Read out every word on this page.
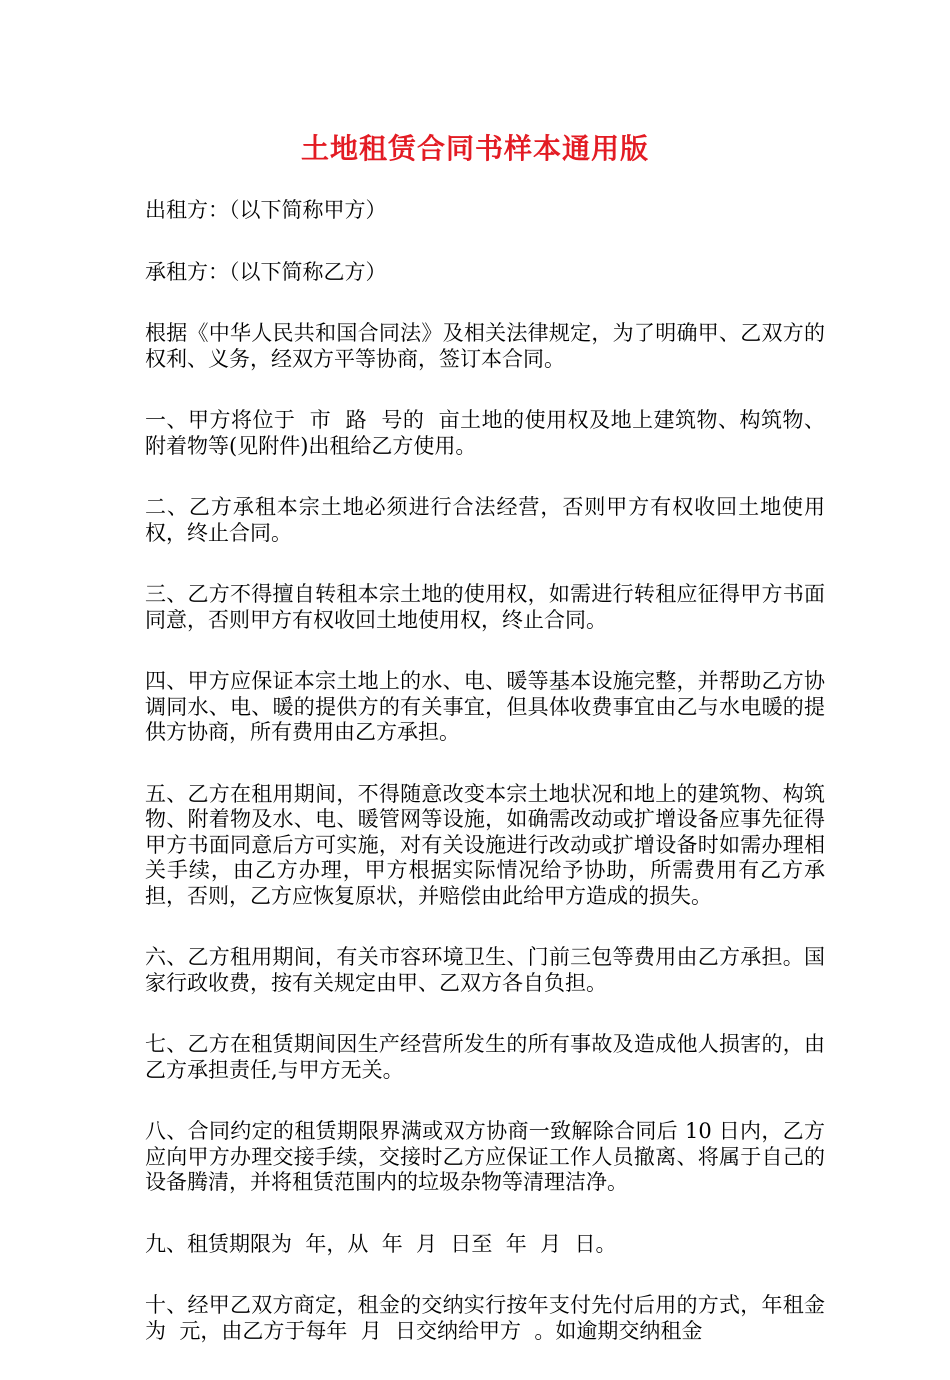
土地租赁合同书样本通用版

出租方：（以下简称甲方）

承租方：（以下简称乙方）

根据《中华人民共和国合同法》及相关法律规定，为了明确甲、乙双方的权利、义务，经双方平等协商，签订本合同。

一、甲方将位于  市  路  号的  亩土地的使用权及地上建筑物、构筑物、附着物等(见附件)出租给乙方使用。

二、乙方承租本宗土地必须进行合法经营，否则甲方有权收回土地使用权，终止合同。

三、乙方不得擅自转租本宗土地的使用权，如需进行转租应征得甲方书面同意，否则甲方有权收回土地使用权，终止合同。

四、甲方应保证本宗土地上的水、电、暖等基本设施完整，并帮助乙方协调同水、电、暖的提供方的有关事宜，但具体收费事宜由乙与水电暖的提供方协商，所有费用由乙方承担。

五、乙方在租用期间，不得随意改变本宗土地状况和地上的建筑物、构筑物、附着物及水、电、暖管网等设施，如确需改动或扩增设备应事先征得甲方书面同意后方可实施，对有关设施进行改动或扩增设备时如需办理相关手续，由乙方办理，甲方根据实际情况给予协助，所需费用有乙方承担，否则，乙方应恢复原状，并赔偿由此给甲方造成的损失。

六、乙方租用期间，有关市容环境卫生、门前三包等费用由乙方承担。国家行政收费，按有关规定由甲、乙双方各自负担。

七、乙方在租赁期间因生产经营所发生的所有事故及造成他人损害的，由乙方承担责任,与甲方无关。

八、合同约定的租赁期限界满或双方协商一致解除合同后 10 日内，乙方应向甲方办理交接手续，交接时乙方应保证工作人员撤离、将属于自己的设备腾清，并将租赁范围内的垃圾杂物等清理洁净。

九、租赁期限为  年，从  年  月  日至  年  月  日。

十、经甲乙双方商定，租金的交纳实行按年支付先付后用的方式，年租金为  元，由乙方于每年  月  日交纳给甲方  。如逾期交纳租金
